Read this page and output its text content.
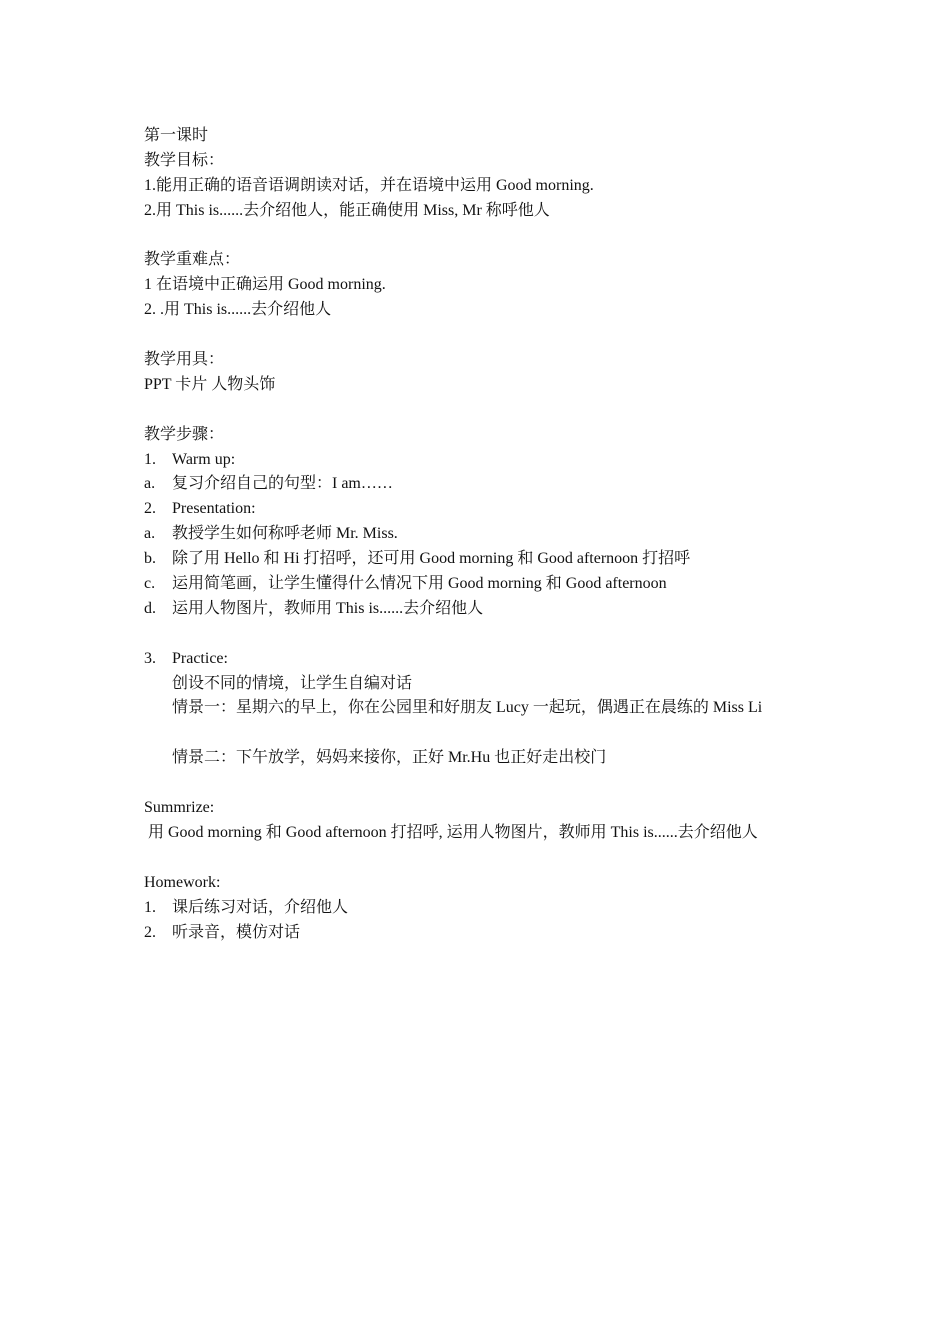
第一课时
教学目标：
1.能用正确的语音语调朗读对话，并在语境中运用 Good morning.
2.用 This is......去介绍他人，能正确使用 Miss, Mr 称呼他人
教学重难点：
1 在语境中正确运用 Good morning.
2. .用 This is......去介绍他人
教学用具：
PPT 卡片 人物头饰
教学步骤：
1.	Warm up:
a.	复习介绍自己的句型：I am……
2.	Presentation:
a.	教授学生如何称呼老师 Mr. Miss.
b.	除了用 Hello 和 Hi 打招呼，还可用 Good morning 和 Good afternoon 打招呼
c.	运用简笔画，让学生懂得什么情况下用 Good morning 和 Good afternoon
d.	运用人物图片，教师用 This is......去介绍他人
3.	Practice:
创设不同的情境，让学生自编对话
情景一：星期六的早上，你在公园里和好朋友 Lucy 一起玩，偶遇正在晨练的 Miss Li
情景二：下午放学，妈妈来接你，正好 Mr.Hu 也正好走出校门
Summrize:
用 Good morning 和 Good afternoon 打招呼, 运用人物图片，教师用 This is......去介绍他人
Homework:
1.	课后练习对话，介绍他人
2.	听录音，模仿对话
